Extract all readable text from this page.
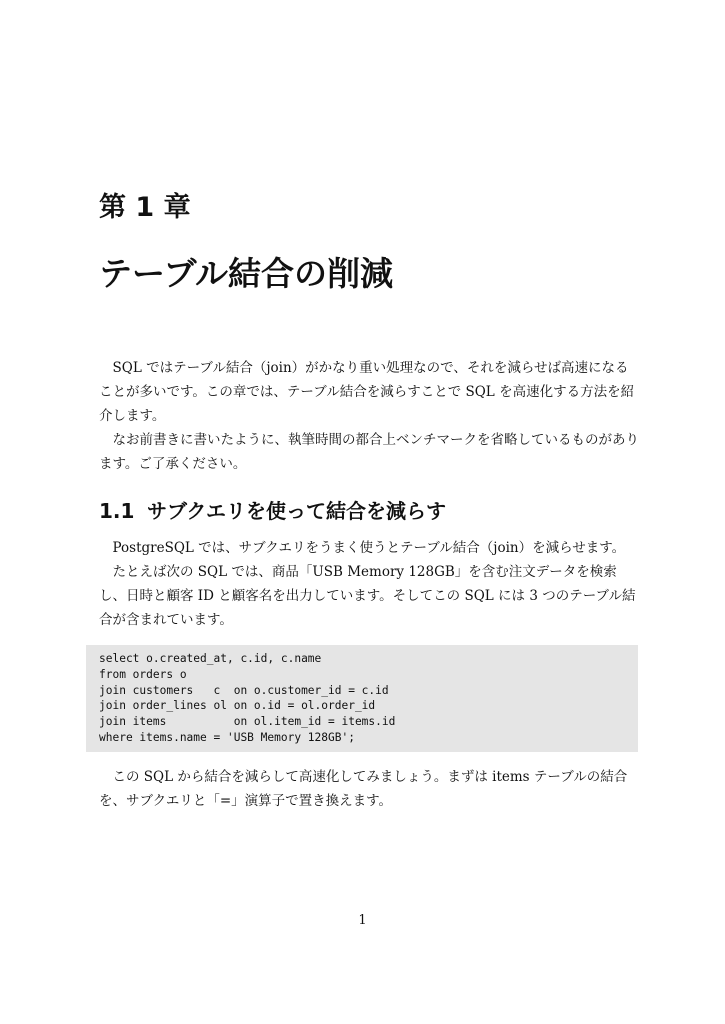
第 1 章
テーブル結合の削減

SQL ではテーブル結合（join）がかなり重い処理なので、それを減らせば高速になることが多いです。この章では、テーブル結合を減らすことで SQL を高速化する方法を紹介します。

なお前書きに書いたように、執筆時間の都合上ベンチマークを省略しているものがあります。ご了承ください。

1.1 サブクエリを使って結合を減らす

PostgreSQL では、サブクエリをうまく使うとテーブル結合（join）を減らせます。

たとえば次の SQL では、商品「USB Memory 128GB」を含む注文データを検索し、日時と顧客 ID と顧客名を出力しています。そしてこの SQL には 3 つのテーブル結合が含まれています。

select o.created_at, c.id, c.name
from orders o
join customers   c  on o.customer_id = c.id
join order_lines ol on o.id = ol.order_id
join items          on ol.item_id = items.id
where items.name = 'USB Memory 128GB';

この SQL から結合を減らして高速化してみましょう。まずは items テーブルの結合を、サブクエリと「=」演算子で置き換えます。

1
